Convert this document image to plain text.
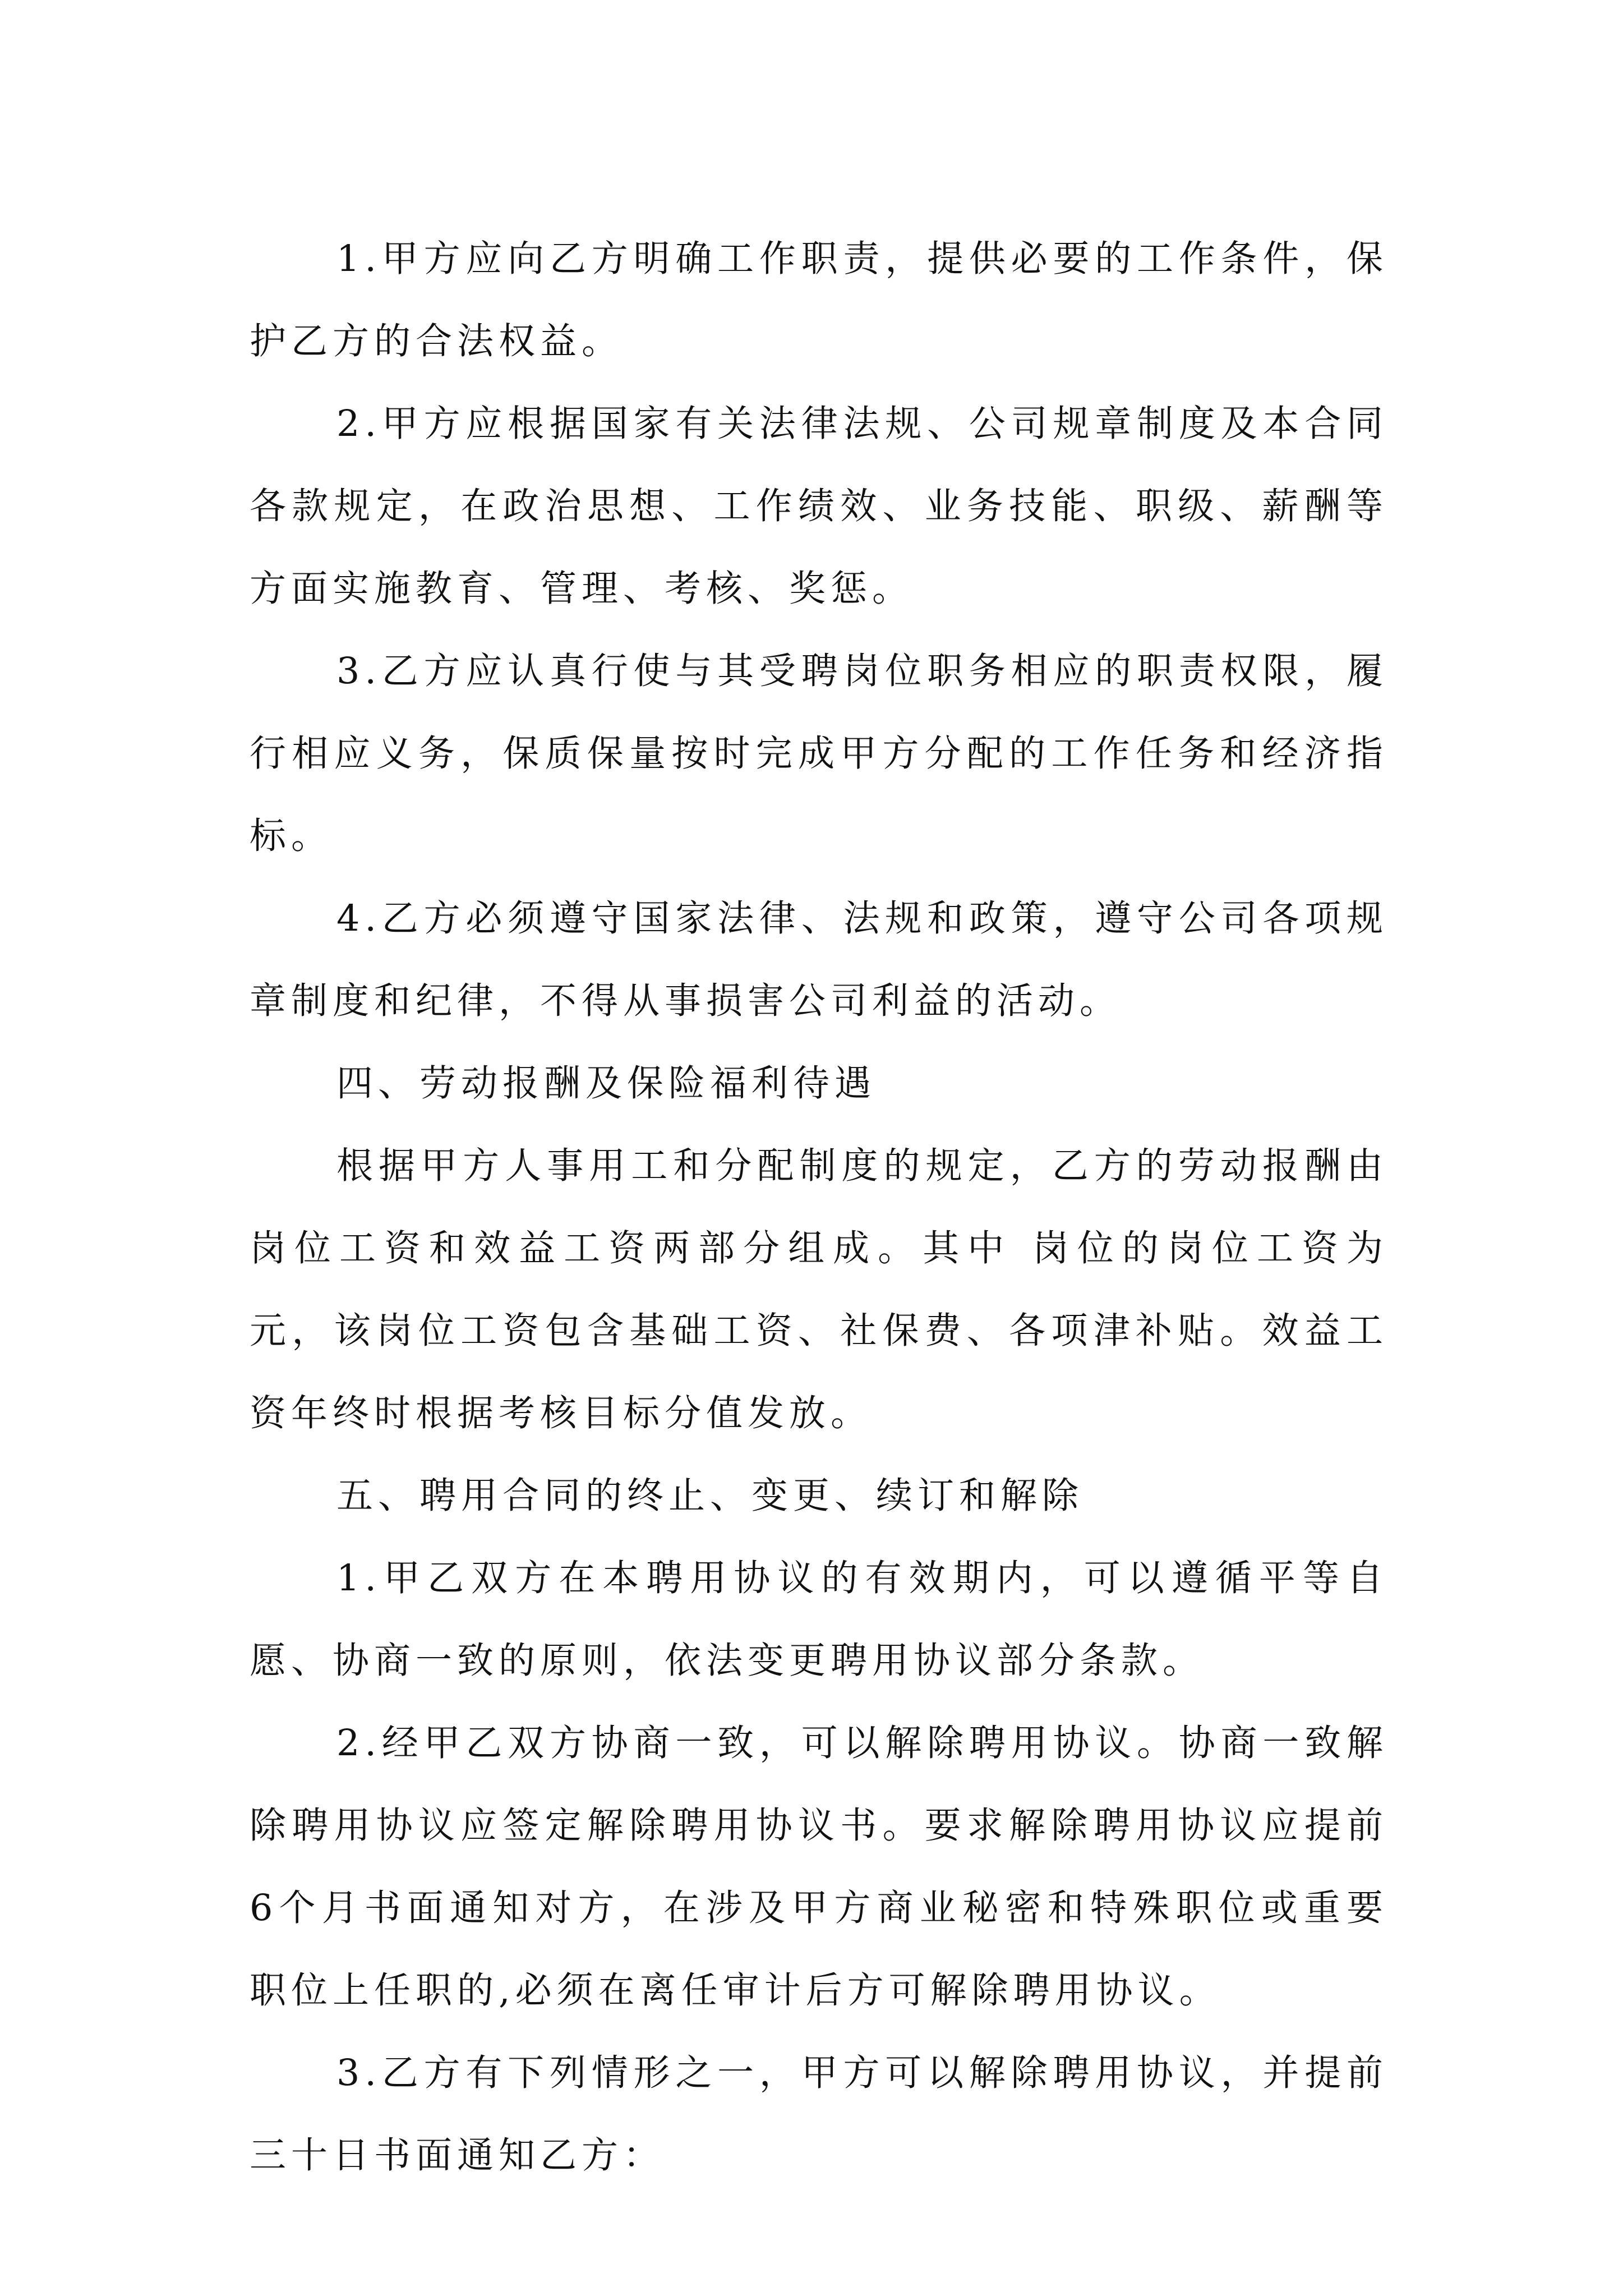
1.甲方应向乙方明确工作职责，提供必要的工作条件，保护乙方的合法权益。

2.甲方应根据国家有关法律法规、公司规章制度及本合同各款规定，在政治思想、工作绩效、业务技能、职级、薪酬等方面实施教育、管理、考核、奖惩。

3.乙方应认真行使与其受聘岗位职务相应的职责权限，履行相应义务，保质保量按时完成甲方分配的工作任务和经济指标。

4.乙方必须遵守国家法律、法规和政策，遵守公司各项规章制度和纪律，不得从事损害公司利益的活动。

四、劳动报酬及保险福利待遇

根据甲方人事用工和分配制度的规定，乙方的劳动报酬由岗位工资和效益工资两部分组成。其中 岗位的岗位工资为 元，该岗位工资包含基础工资、社保费、各项津补贴。效益工资年终时根据考核目标分值发放。

五、聘用合同的终止、变更、续订和解除

1.甲乙双方在本聘用协议的有效期内，可以遵循平等自愿、协商一致的原则，依法变更聘用协议部分条款。

2.经甲乙双方协商一致，可以解除聘用协议。协商一致解除聘用协议应签定解除聘用协议书。要求解除聘用协议应提前6个月书面通知对方，在涉及甲方商业秘密和特殊职位或重要职位上任职的,必须在离任审计后方可解除聘用协议。

3.乙方有下列情形之一，甲方可以解除聘用协议，并提前三十日书面通知乙方：
